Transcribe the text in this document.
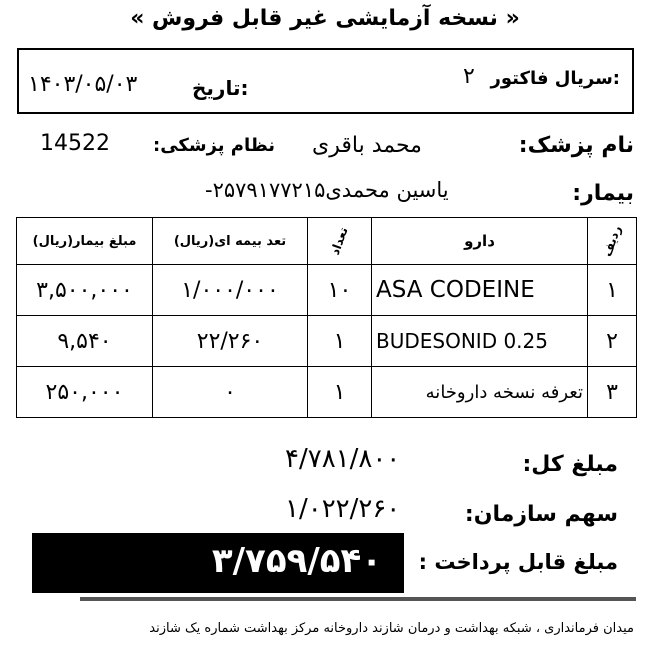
« نسخه آزمایشی غیر قابل فروش »
سریال فاکتور:
۲
تاریخ:
۱۴۰۳/۰۵/۰۳
نام پزشک:
محمد باقری
نظام پزشکی:
14522
بیمار:
یاسین محمدی۲۵۷۹۱۷۷۲۱۵-
ردیف	دارو	تعداد	تعد بیمه ای(ریال)	مبلغ بیمار(ریال)
۱	ASA CODEINE	۱۰	۱/۰۰۰/۰۰۰	۳,۵۰۰,۰۰۰
۲	BUDESONID 0.25	۱	۲۲/۲۶۰	۹,۵۴۰
۳	تعرفه نسخه داروخانه	۱	۰	۲۵۰,۰۰۰
مبلغ کل:
۴/۷۸۱/۸۰۰
سهم سازمان:
۱/۰۲۲/۲۶۰
مبلغ قابل پرداخت :
۳/۷۵۹/۵۴۰
میدان فرمانداری ، شبکه بهداشت و درمان شازند داروخانه مرکز بهداشت شماره یک شازند
